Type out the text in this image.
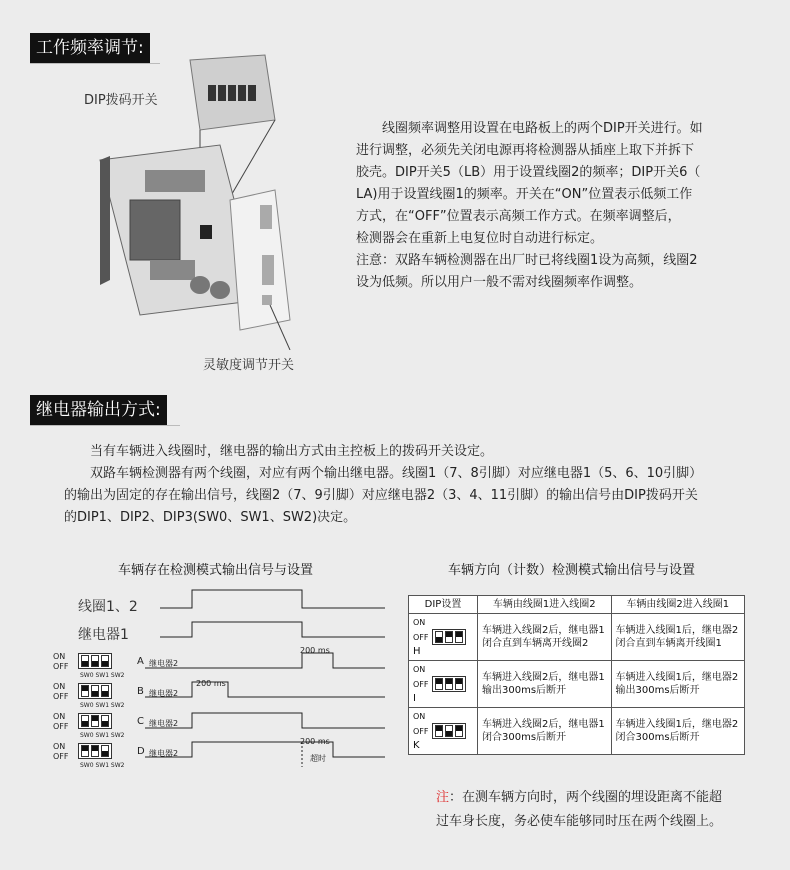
工作频率调节:
DIP拨码开关
灵敏度调节开关
线圈频率调整用设置在电路板上的两个DIP开关进行。如
进行调整，必须先关闭电源再将检测器从插座上取下并拆下
胶壳。DIP开关5（LB）用于设置线圈2的频率；DIP开关6（
LA)用于设置线圈1的频率。开关在“ON”位置表示低频工作
方式，在“OFF”位置表示高频工作方式。在频率调整后，
检测器会在重新上电复位时自动进行标定。
注意：双路车辆检测器在出厂时已将线圈1设为高频，线圈2
设为低频。所以用户一般不需对线圈频率作调整。
继电器输出方式:
当有车辆进入线圈时，继电器的输出方式由主控板上的拨码开关设定。
双路车辆检测器有两个线圈，对应有两个输出继电器。线圈1（7、8引脚）对应继电器1（5、6、10引脚）
的输出为固定的存在输出信号，线圈2（7、9引脚）对应继电器2（3、4、11引脚）的输出信号由DIP拨码开关
的DIP1、DIP2、DIP3(SW0、SW1、SW2)决定。
车辆存在检测模式输出信号与设置
线圈1、2
继电器1
200 ms
200 ms
200 ms
超时
ON
OFF
SW0 SW1 SW2
A 继电器2
ON
OFF
SW0 SW1 SW2
B 继电器2
ON
OFF
SW0 SW1 SW2
C 继电器2
ON
OFF
SW0 SW1 SW2
D 继电器2
车辆方向（计数）检测模式输出信号与设置
DIP设置	车辆由线圈1进入线圈2	车辆由线圈2进入线圈1
ON
OFF

H	车辆进入线圈2后，继电器1闭合直到车辆离开线圈2	车辆进入线圈1后，继电器2闭合直到车辆离开线圈1
ON
OFF

I	车辆进入线圈2后，继电器1输出300ms后断开	车辆进入线圈1后，继电器2输出300ms后断开
ON
OFF

K	车辆进入线圈2后，继电器1闭合300ms后断开	车辆进入线圈1后，继电器2闭合300ms后断开
注：在测车辆方向时，两个线圈的埋设距离不能超
过车身长度，务必使车能够同时压在两个线圈上。
